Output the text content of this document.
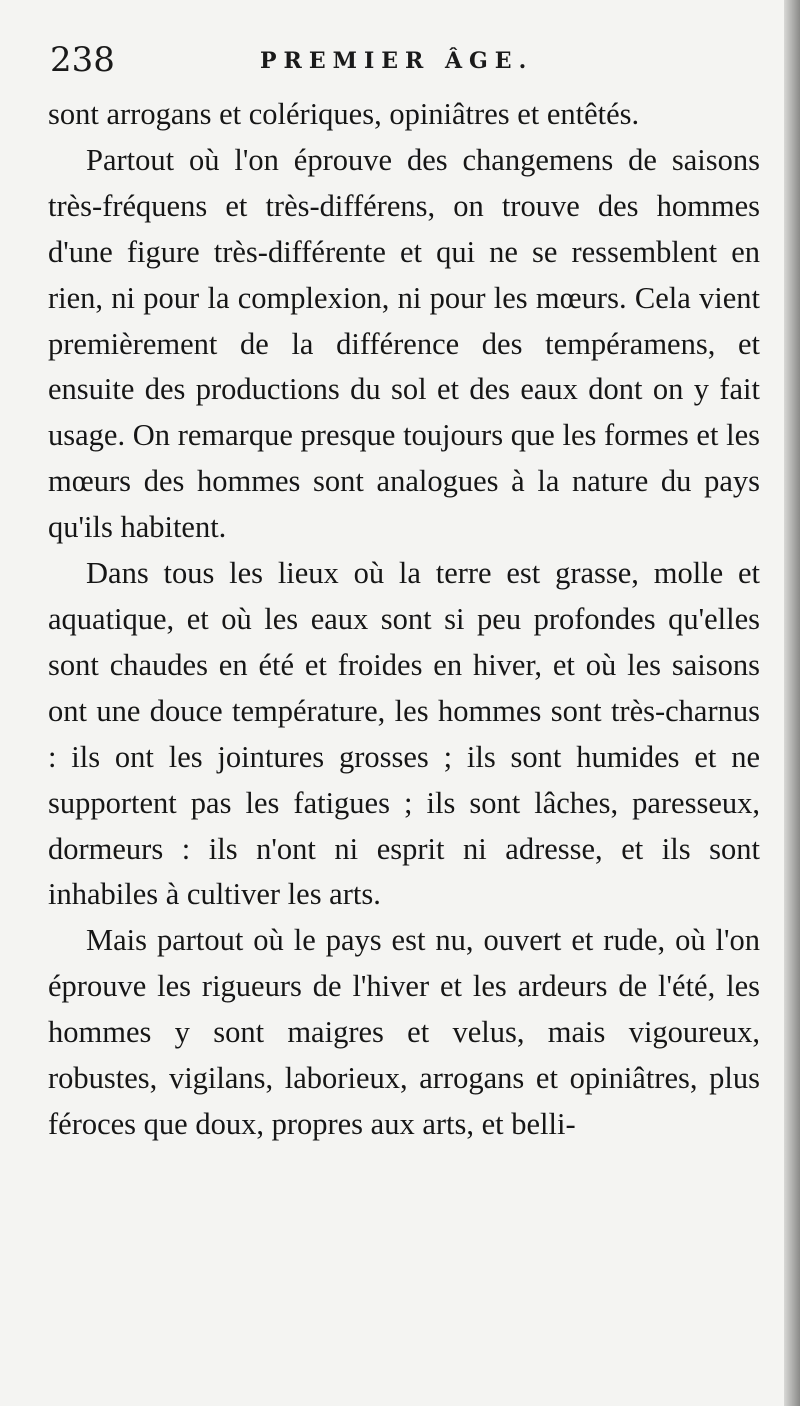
238	PREMIER ÂGE.

sont arrogans et colériques, opiniâtres et entêtés.

Partout où l'on éprouve des changemens de saisons très-fréquens et très-différens, on trouve des hommes d'une figure très-différente et qui ne se ressemblent en rien, ni pour la complexion, ni pour les mœurs. Cela vient premièrement de la différence des tempéramens, et ensuite des productions du sol et des eaux dont on y fait usage. On remarque presque toujours que les formes et les mœurs des hommes sont analogues à la nature du pays qu'ils habitent.

Dans tous les lieux où la terre est grasse, molle et aquatique, et où les eaux sont si peu profondes qu'elles sont chaudes en été et froides en hiver, et où les saisons ont une douce température, les hommes sont très-charnus : ils ont les jointures grosses ; ils sont humides et ne supportent pas les fatigues ; ils sont lâches, paresseux, dormeurs : ils n'ont ni esprit ni adresse, et ils sont inhabiles à cultiver les arts.

Mais partout où le pays est nu, ouvert et rude, où l'on éprouve les rigueurs de l'hiver et les ardeurs de l'été, les hommes y sont maigres et velus, mais vigoureux, robustes, vigilans, laborieux, arrogans et opiniâtres, plus féroces que doux, propres aux arts, et belli-
